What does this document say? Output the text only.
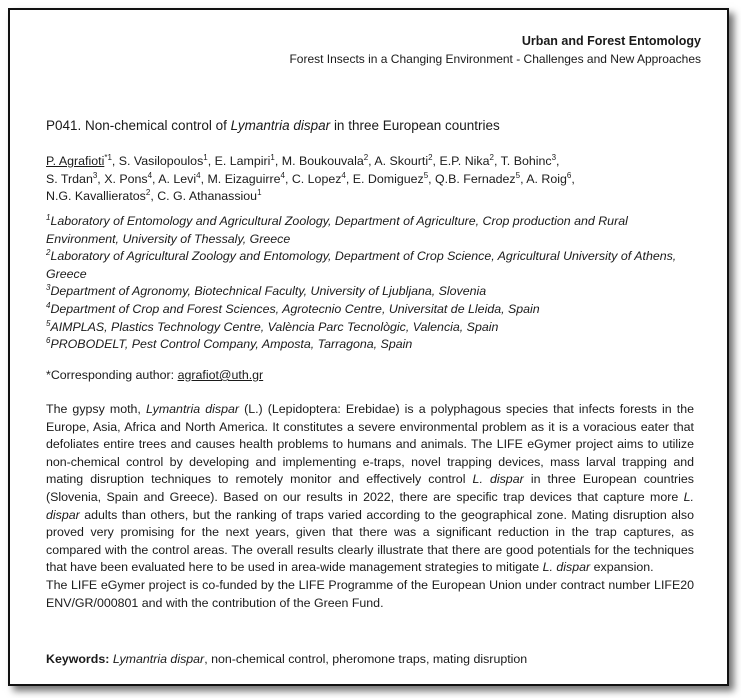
Urban and Forest Entomology
Forest Insects in a Changing Environment - Challenges and New Approaches
P041. Non-chemical control of Lymantria dispar in three European countries
P. Agrafioti$^{*1}$, S. Vasilopoulos$^1$, E. Lampiri$^1$, M. Boukouvala$^2$, A. Skourti$^2$, E.P. Nika$^2$, T. Bohinc$^3$,
S. Trdan$^3$, X. Pons$^4$, A. Levi$^4$, M. Eizaguirre$^4$, C. Lopez$^4$, E. Domiguez$^5$, Q.B. Fernadez$^5$, A. Roig$^6$,
N.G. Kavallieratos$^2$, C. G. Athanassiou$^1$
$^1$Laboratory of Entomology and Agricultural Zoology, Department of Agriculture, Crop production and Rural Environment, University of Thessaly, Greece
$^2$Laboratory of Agricultural Zoology and Entomology, Department of Crop Science, Agricultural University of Athens, Greece
$^3$Department of Agronomy, Biotechnical Faculty, University of Ljubljana, Slovenia
$^4$Department of Crop and Forest Sciences, Agrotecnio Centre, Universitat de Lleida, Spain
$^5$AIMPLAS, Plastics Technology Centre, València Parc Tecnològic, Valencia, Spain
$^6$PROBODELT, Pest Control Company, Amposta, Tarragona, Spain
*Corresponding author: agrafiot@uth.gr
The gypsy moth, Lymantria dispar (L.) (Lepidoptera: Erebidae) is a polyphagous species that infects forests in the Europe, Asia, Africa and North America. It constitutes a severe environmental problem as it is a voracious eater that defoliates entire trees and causes health problems to humans and animals. The LIFE eGymer project aims to utilize non-chemical control by developing and implementing e-traps, novel trapping devices, mass larval trapping and mating disruption techniques to remotely monitor and effectively control L. dispar in three European countries (Slovenia, Spain and Greece). Based on our results in 2022, there are specific trap devices that capture more L. dispar adults than others, but the ranking of traps varied according to the geographical zone. Mating disruption also proved very promising for the next years, given that there was a significant reduction in the trap captures, as compared with the control areas. The overall results clearly illustrate that there are good potentials for the techniques that have been evaluated here to be used in area-wide management strategies to mitigate L. dispar expansion.
The LIFE eGymer project is co-funded by the LIFE Programme of the European Union under contract number LIFE20 ENV/GR/000801 and with the contribution of the Green Fund.
Keywords: Lymantria dispar, non-chemical control, pheromone traps, mating disruption
